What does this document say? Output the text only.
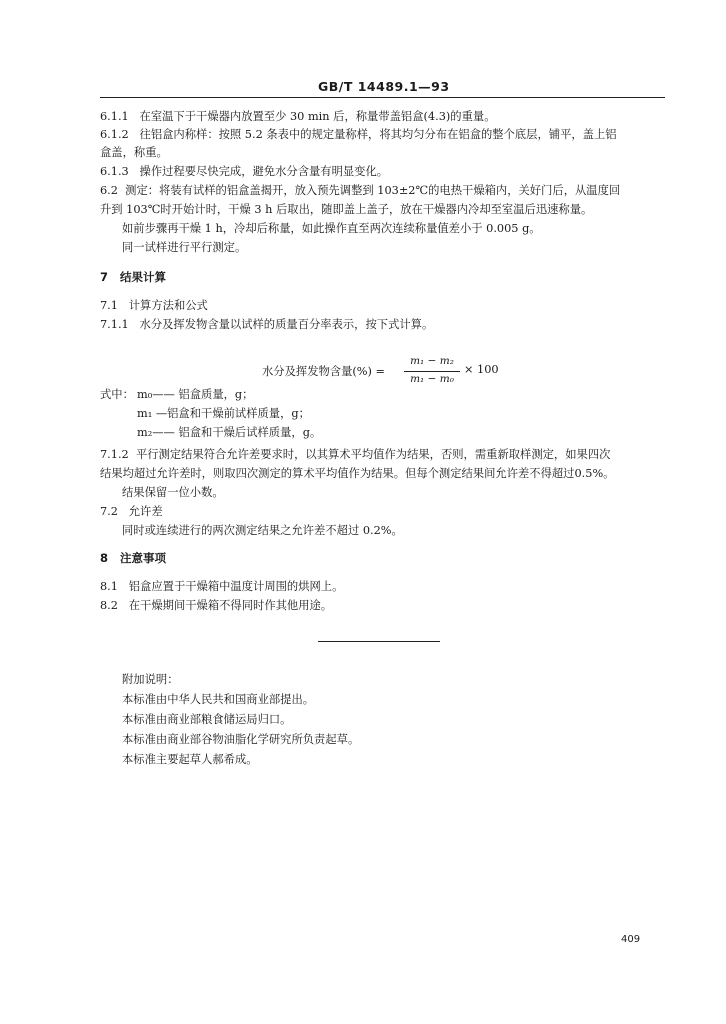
GB/T 14489.1—93
6.1.1 在室温下于干燥器内放置至少 30 min 后，称量带盖铝盒(4.3)的重量。
6.1.2 往铝盒内称样：按照 5.2 条表中的规定量称样，将其均匀分布在铝盒的整个底层，铺平，盖上铝
盒盖，称重。
6.1.3 操作过程要尽快完成，避免水分含量有明显变化。
6.2 测定：将装有试样的铝盒盖揭开，放入预先调整到 103±2℃的电热干燥箱内，关好门后，从温度回
升到 103℃时开始计时，干燥 3 h 后取出，随即盖上盖子，放在干燥器内冷却至室温后迅速称量。
如前步骤再干燥 1 h，冷却后称量，如此操作直至两次连续称量值差小于 0.005 g。
同一试样进行平行测定。
7 结果计算
7.1 计算方法和公式
7.1.1 水分及挥发物含量以试样的质量百分率表示，按下式计算。
水分及挥发物含量(%) =
m₁ − m₂
m₁ − m₀
× 100
式中： m₀—— 铝盒质量，g；
m₁ —铝盒和干燥前试样质量，g；
m₂—— 铝盒和干燥后试样质量，g。
7.1.2 平行测定结果符合允许差要求时，以其算术平均值作为结果，否则，需重新取样测定，如果四次
结果均超过允许差时，则取四次测定的算术平均值作为结果。但每个测定结果间允许差不得超过0.5%。
结果保留一位小数。
7.2 允许差
同时或连续进行的两次测定结果之允许差不超过 0.2%。
8 注意事项
8.1 铝盒应置于干燥箱中温度计周围的烘网上。
8.2 在干燥期间干燥箱不得同时作其他用途。
附加说明：
本标准由中华人民共和国商业部提出。
本标准由商业部粮食储运局归口。
本标准由商业部谷物油脂化学研究所负责起草。
本标准主要起草人郝希成。
409
